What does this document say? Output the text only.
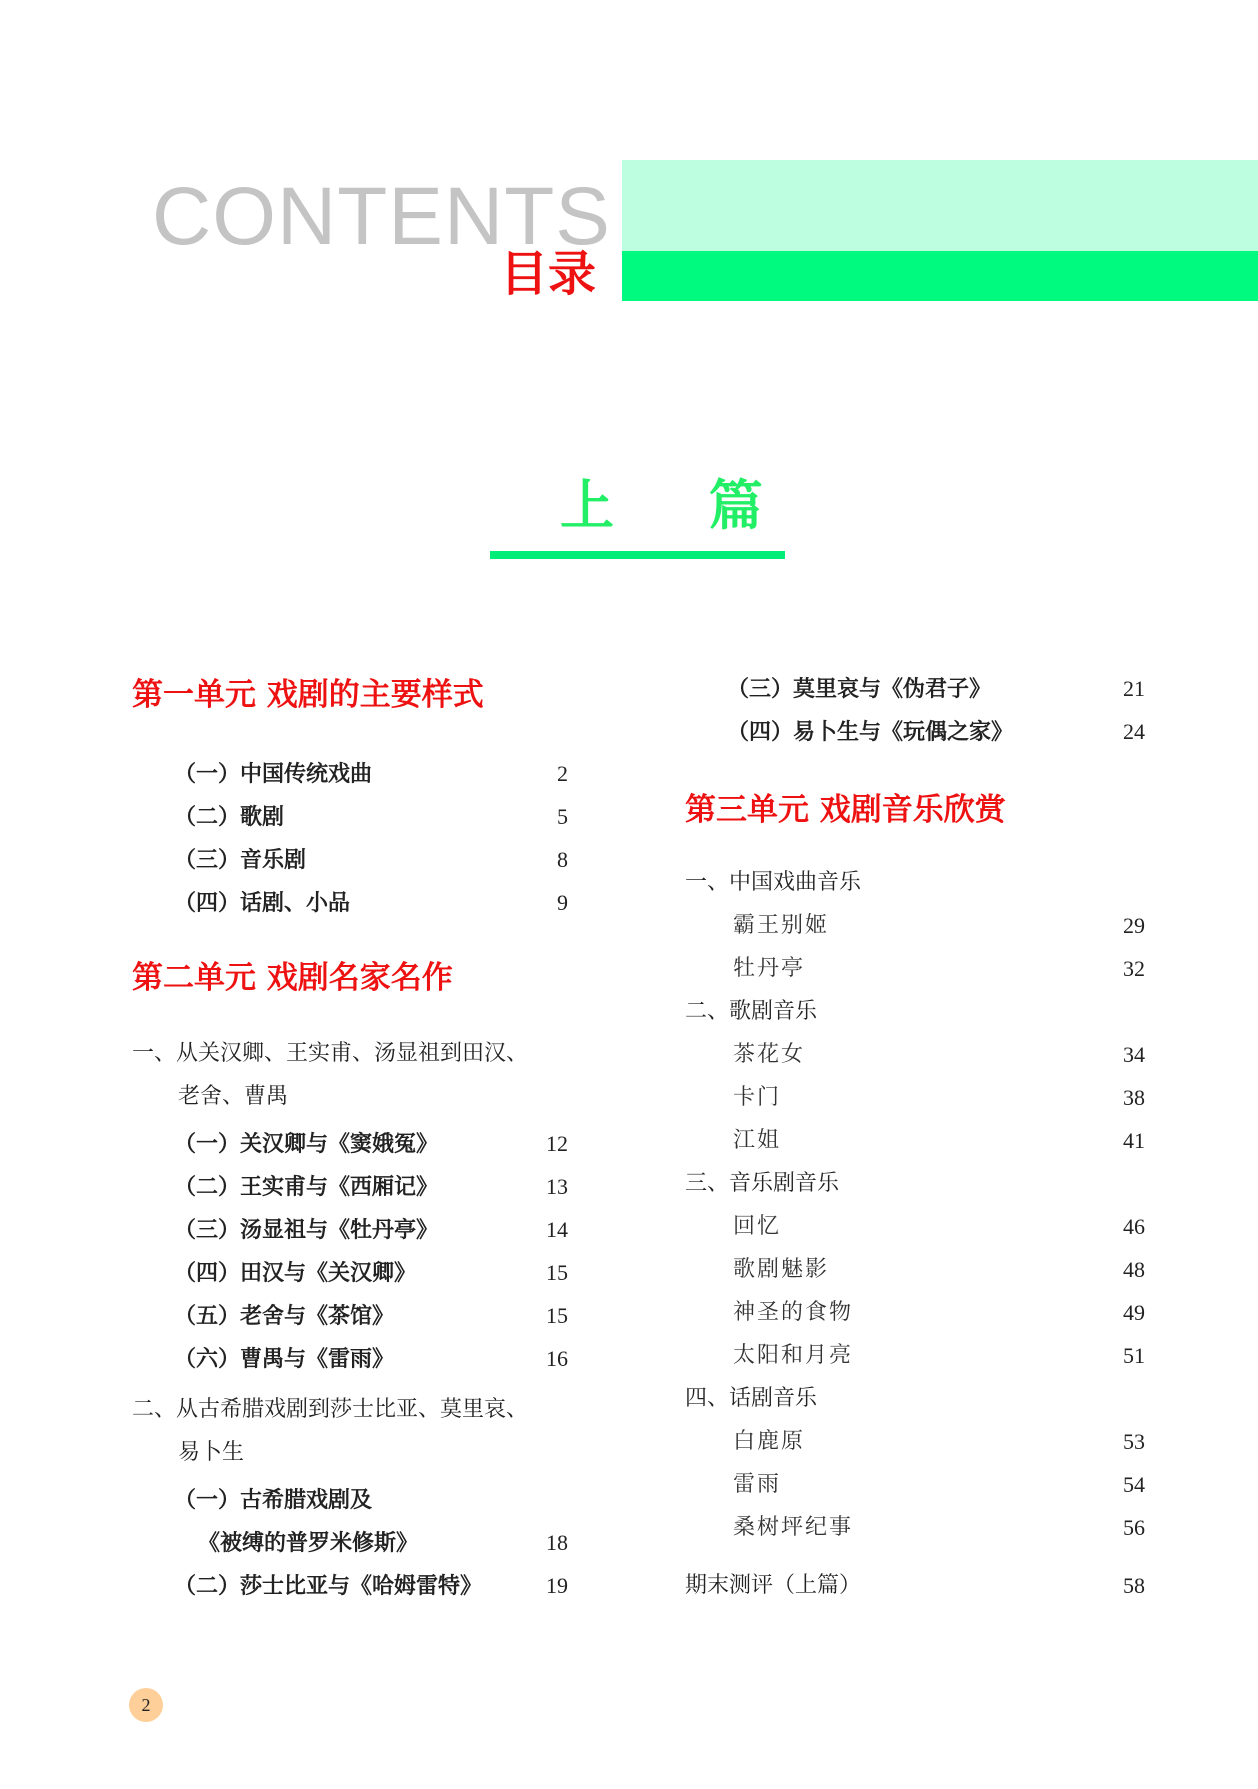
CONTENTS
目录
上 篇
第一单元 戏剧的主要样式
（一）中国传统戏曲	2
（二）歌剧	5
（三）音乐剧	8
（四）话剧、小品	9
第二单元 戏剧名家名作
一、从关汉卿、王实甫、汤显祖到田汉、
老舍、曹禺
（一）关汉卿与《窦娥冤》	12
（二）王实甫与《西厢记》	13
（三）汤显祖与《牡丹亭》	14
（四）田汉与《关汉卿》	15
（五）老舍与《茶馆》	15
（六）曹禺与《雷雨》	16
二、从古希腊戏剧到莎士比亚、莫里哀、
易卜生
（一）古希腊戏剧及
《被缚的普罗米修斯》	18
（二）莎士比亚与《哈姆雷特》	19
（三）莫里哀与《伪君子》	21
（四）易卜生与《玩偶之家》	24
第三单元 戏剧音乐欣赏
一、中国戏曲音乐
霸王别姬	29
牡丹亭	32
二、歌剧音乐
茶花女	34
卡门	38
江姐	41
三、音乐剧音乐
回忆	46
歌剧魅影	48
神圣的食物	49
太阳和月亮	51
四、话剧音乐
白鹿原	53
雷雨	54
桑树坪纪事	56
期末测评（上篇）	58
2
